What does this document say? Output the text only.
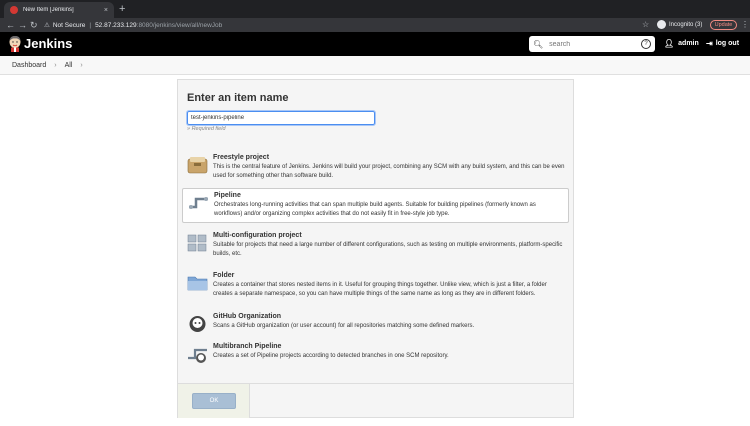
New Item [Jenkins]	× +
← → ↻ ⚠ Not Secure | 52.87.233.129 :8080/jenkins/view/all/newJob	☆	Incognito (3)	Update	⋮
Jenkins	🔍︎
search	?	👤︎ admin ⇥ log out
Dashboard › All ›
Enter an item name
test-jenkins-pipeline
» Required field
Freestyle project
This is the central feature of Jenkins. Jenkins will build your project, combining any SCM with any build system, and this can be even used for something other than software build.
Pipeline
Orchestrates long-running activities that can span multiple build agents. Suitable for building pipelines (formerly known as workflows) and/or organizing complex activities that do not easily fit in free-style job type.
Multi-configuration project
Suitable for projects that need a large number of different configurations, such as testing on multiple environments, platform-specific builds, etc.
Folder
Creates a container that stores nested items in it. Useful for grouping things together. Unlike view, which is just a filter, a folder creates a separate namespace, so you can have multiple things of the same name as long as they are in different folders.
GitHub Organization
Scans a GitHub organization (or user account) for all repositories matching some defined markers.
Multibranch Pipeline
Creates a set of Pipeline projects according to detected branches in one SCM repository.
OK
